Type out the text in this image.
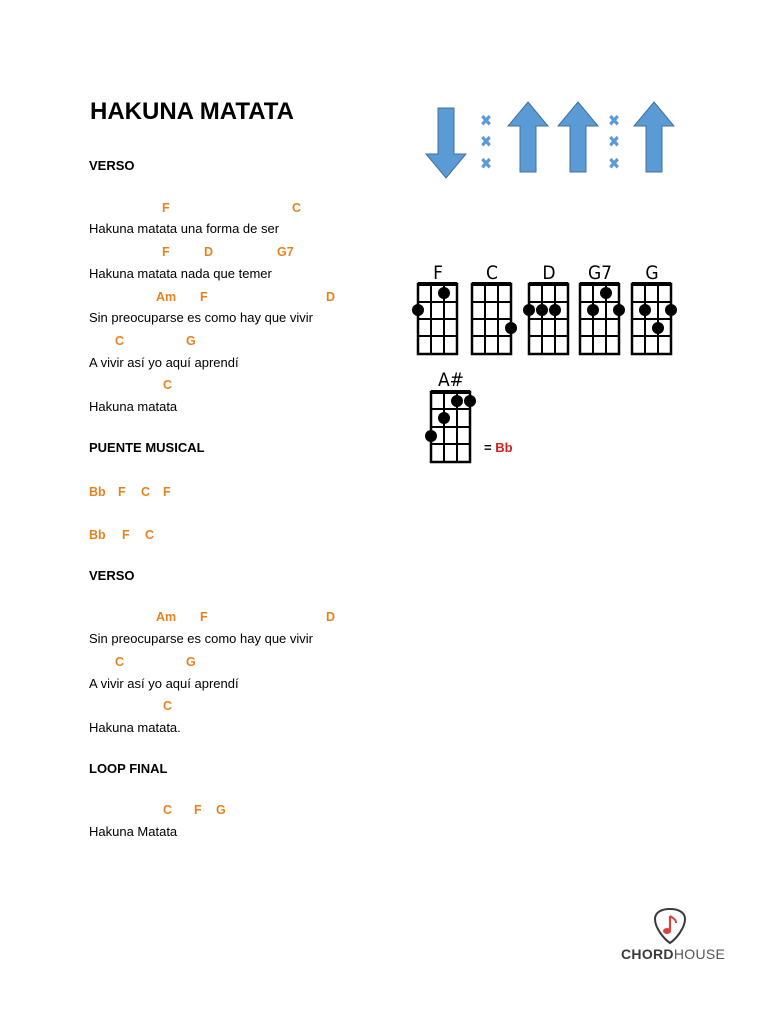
HAKUNA MATATA
VERSO
F	C
Hakuna matata una forma de ser
F	D	G7
Hakuna matata nada que temer
Am F	D
Sin preocuparse es como hay que vivir
C	G
A vivir así yo aquí aprendí
C
Hakuna matata
PUENTE MUSICAL
Bb F C F
Bb F C
VERSO
Am F	D
Sin preocuparse es como hay que vivir
C	G
A vivir así yo aquí aprendí
C
Hakuna matata.
LOOP FINAL
C F G
Hakuna Matata
✖
✖
✖
✖
✖
✖
F C D G7 G
A#
= Bb
CHORDHOUSE
